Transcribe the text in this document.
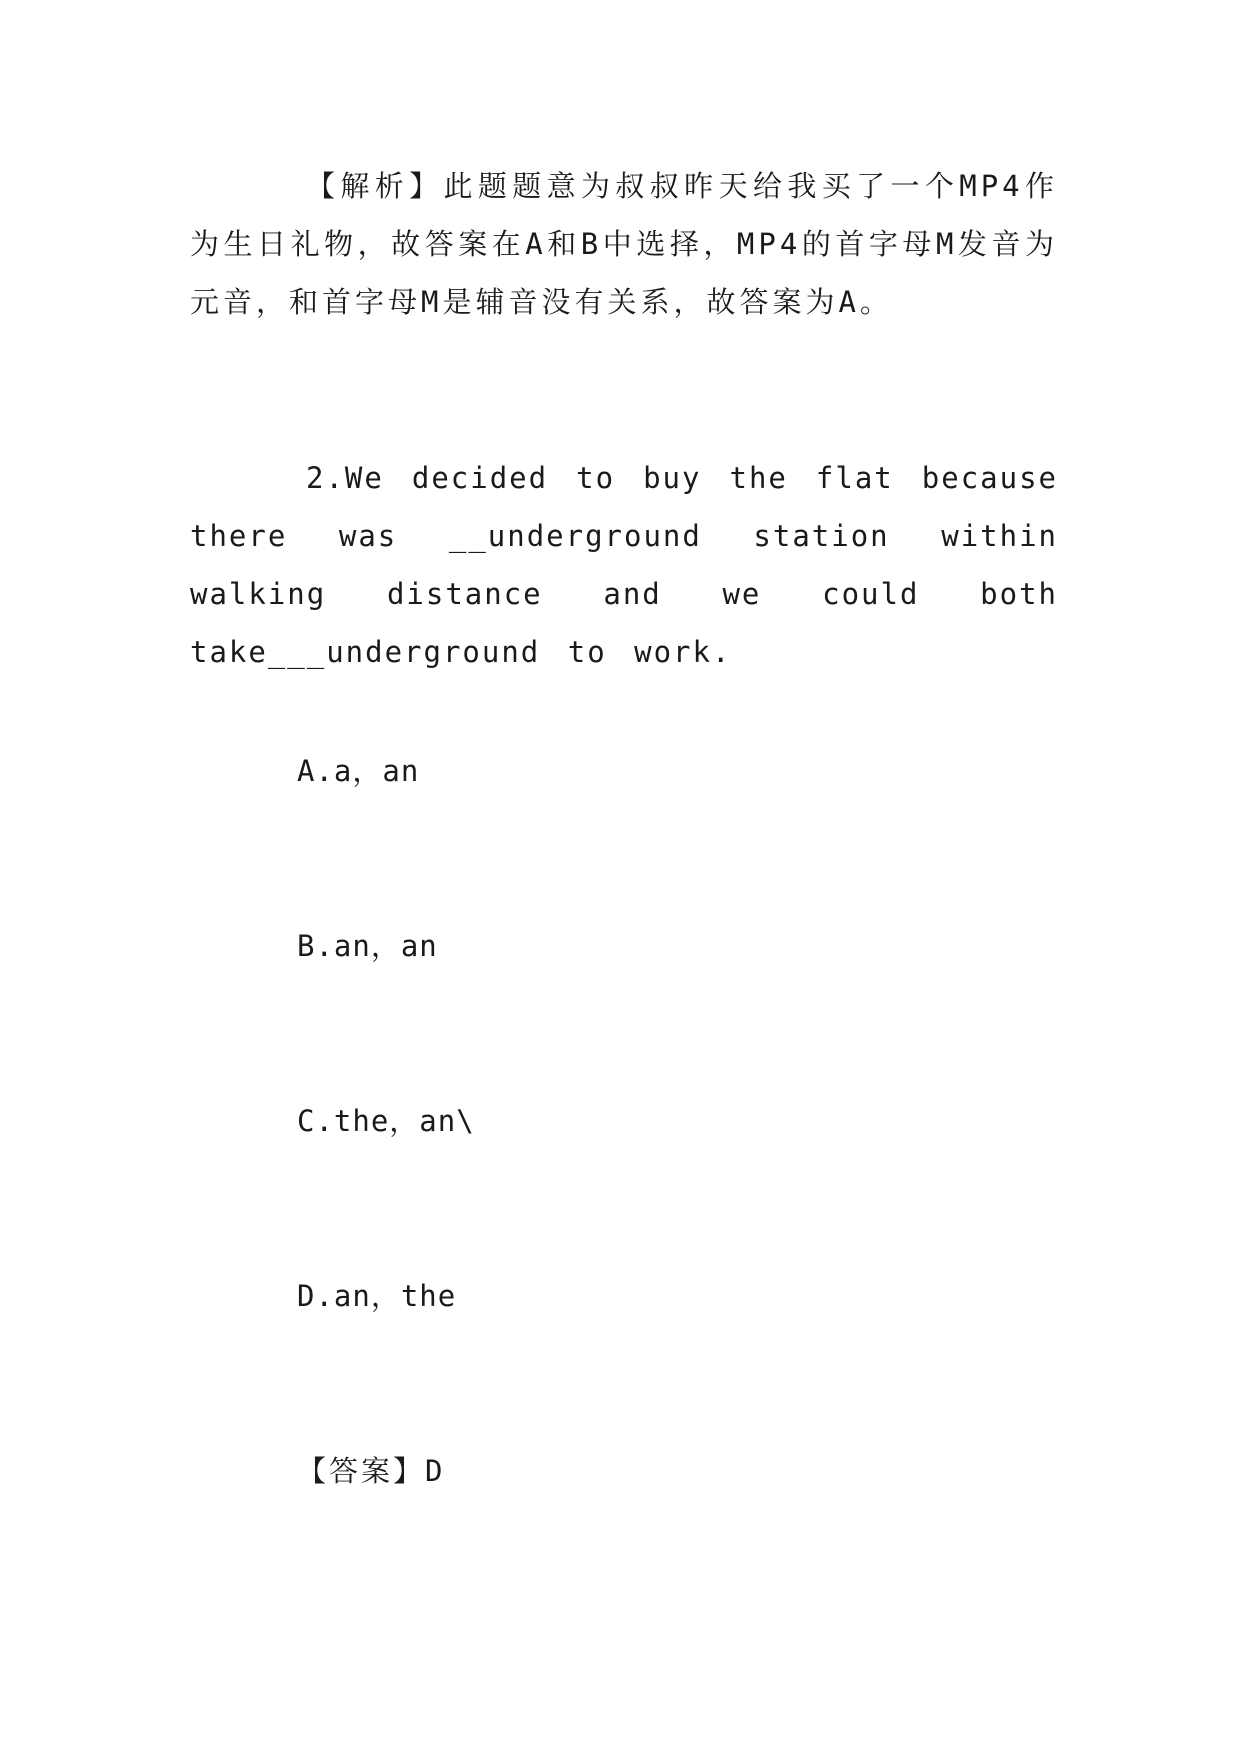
【解析】此题题意为叔叔昨天给我买了一个MP4作为生日礼物，故答案在A和B中选择，MP4的首字母M发音为元音，和首字母M是辅音没有关系，故答案为A。

2.We decided to buy the flat because there was __underground station within walking distance and we could both take___underground to work.

A.a，an
B.an，an
C.the，an\
D.an，the
【答案】D
